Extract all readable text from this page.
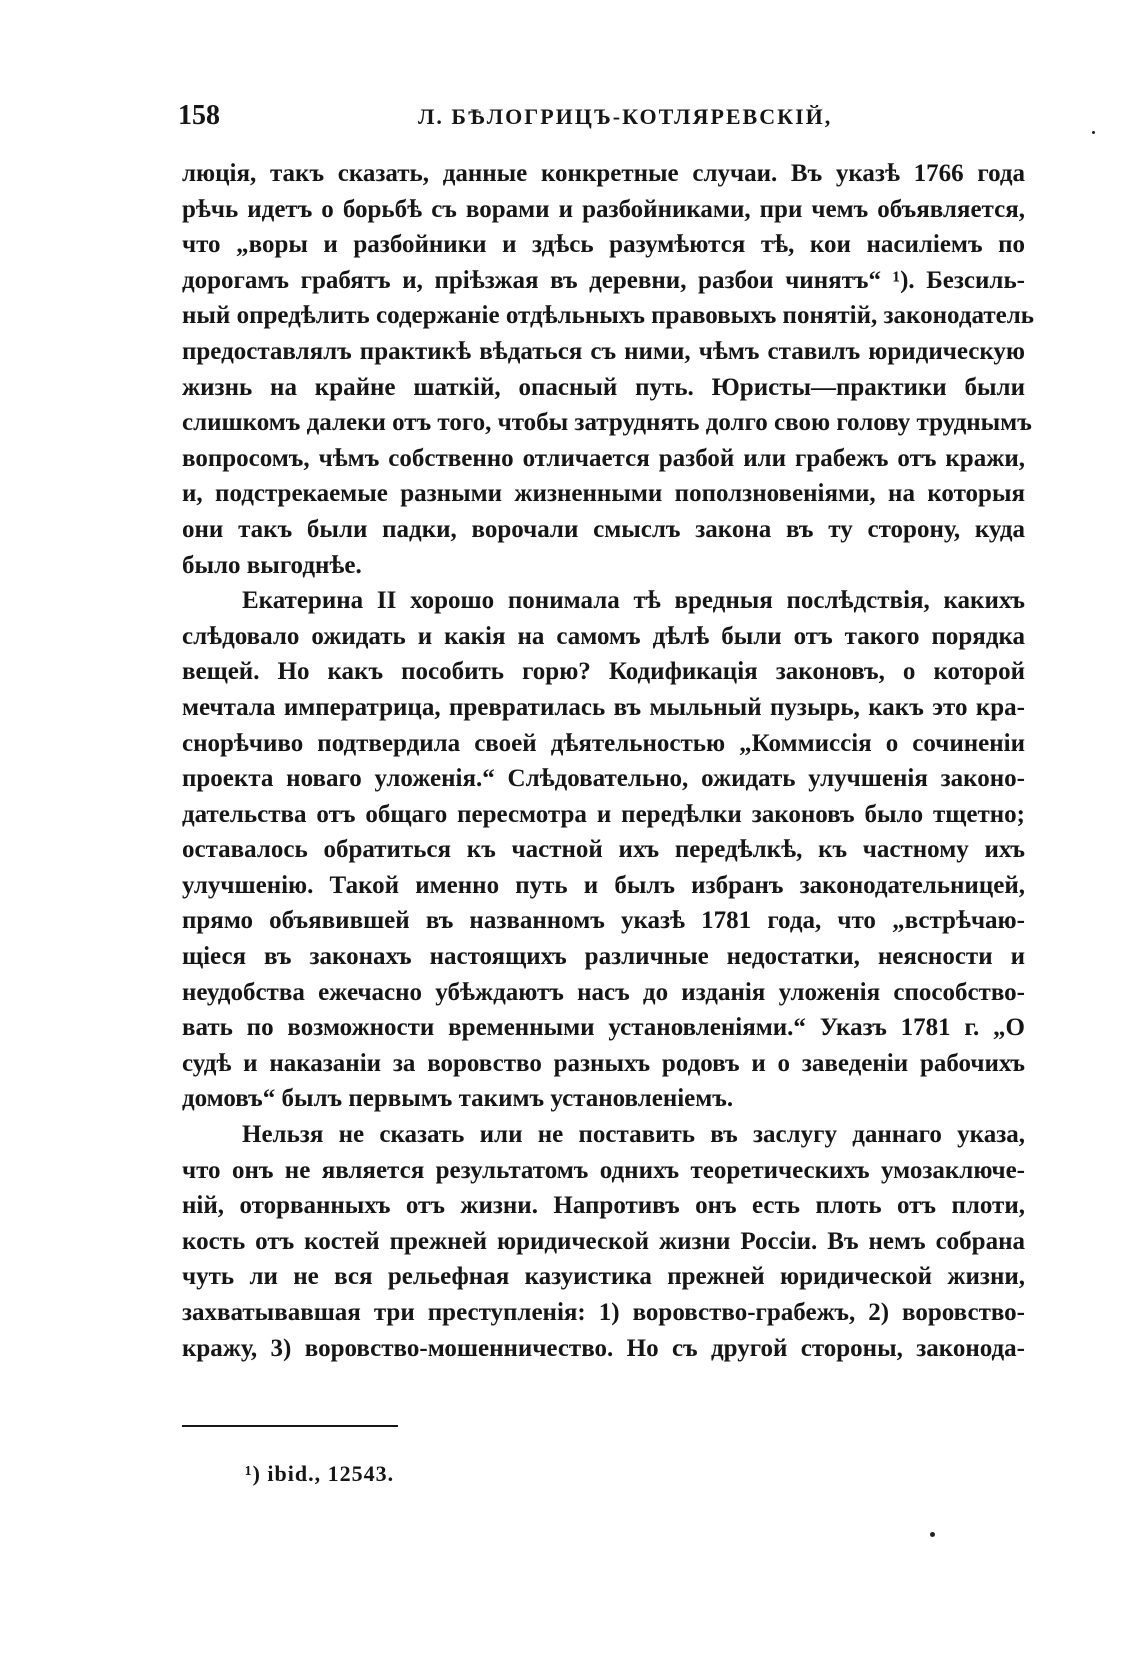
158	Л. БѢЛОГРИЦЪ-КОТЛЯРЕВСКІЙ,
люція, такъ сказать, данные конкретные случаи. Въ указѣ 1766 года
рѣчь идетъ о борьбѣ съ ворами и разбойниками, при чемъ объявляется,
что „воры и разбойники и здѣсь разумѣются тѣ, кои насиліемъ по
дорогамъ грабятъ и, пріѣзжая въ деревни, разбои чинятъ“ ¹). Безсиль-
ный опредѣлить содержаніе отдѣльныхъ правовыхъ понятій, законодатель
предоставлялъ практикѣ вѣдаться съ ними, чѣмъ ставилъ юридическую
жизнь на крайне шаткій, опасный путь. Юристы—практики были
слишкомъ далеки отъ того, чтобы затруднять долго свою голову труднымъ
вопросомъ, чѣмъ собственно отличается разбой или грабежъ отъ кражи,
и, подстрекаемые разными жизненными поползновеніями, на которыя
они такъ были падки, ворочали смыслъ закона въ ту сторону, куда
было выгоднѣе.
Екатерина II хорошо понимала тѣ вредныя послѣдствія, какихъ
слѣдовало ожидать и какія на самомъ дѣлѣ были отъ такого порядка
вещей. Но какъ пособить горю? Кодификація законовъ, о которой
мечтала императрица, превратилась въ мыльный пузырь, какъ это кра-
снорѣчиво подтвердила своей дѣятельностью „Коммиссія о сочиненіи
проекта новаго уложенія.“ Слѣдовательно, ожидать улучшенія законо-
дательства отъ общаго пересмотра и передѣлки законовъ было тщетно;
оставалось обратиться къ частной ихъ передѣлкѣ, къ частному ихъ
улучшенію. Такой именно путь и былъ избранъ законодательницей,
прямо объявившей въ названномъ указѣ 1781 года, что „встрѣчаю-
щіеся въ законахъ настоящихъ различные недостатки, неясности и
неудобства ежечасно убѣждаютъ насъ до изданія уложенія способство-
вать по возможности временными установленіями.“ Указъ 1781 г. „О
судѣ и наказаніи за воровство разныхъ родовъ и о заведеніи рабочихъ
домовъ“ былъ первымъ такимъ установленіемъ.
Нельзя не сказать или не поставить въ заслугу даннаго указа,
что онъ не является результатомъ однихъ теоретическихъ умозаключе-
ній, оторванныхъ отъ жизни. Напротивъ онъ есть плоть отъ плоти,
кость отъ костей прежней юридической жизни Россіи. Въ немъ собрана
чуть ли не вся рельефная казуистика прежней юридической жизни,
захватывавшая три преступленія: 1) воровство-грабежъ, 2) воровство-
кражу, 3) воровство-мошенничество. Но съ другой стороны, законода-
¹) ibid., 12543.
